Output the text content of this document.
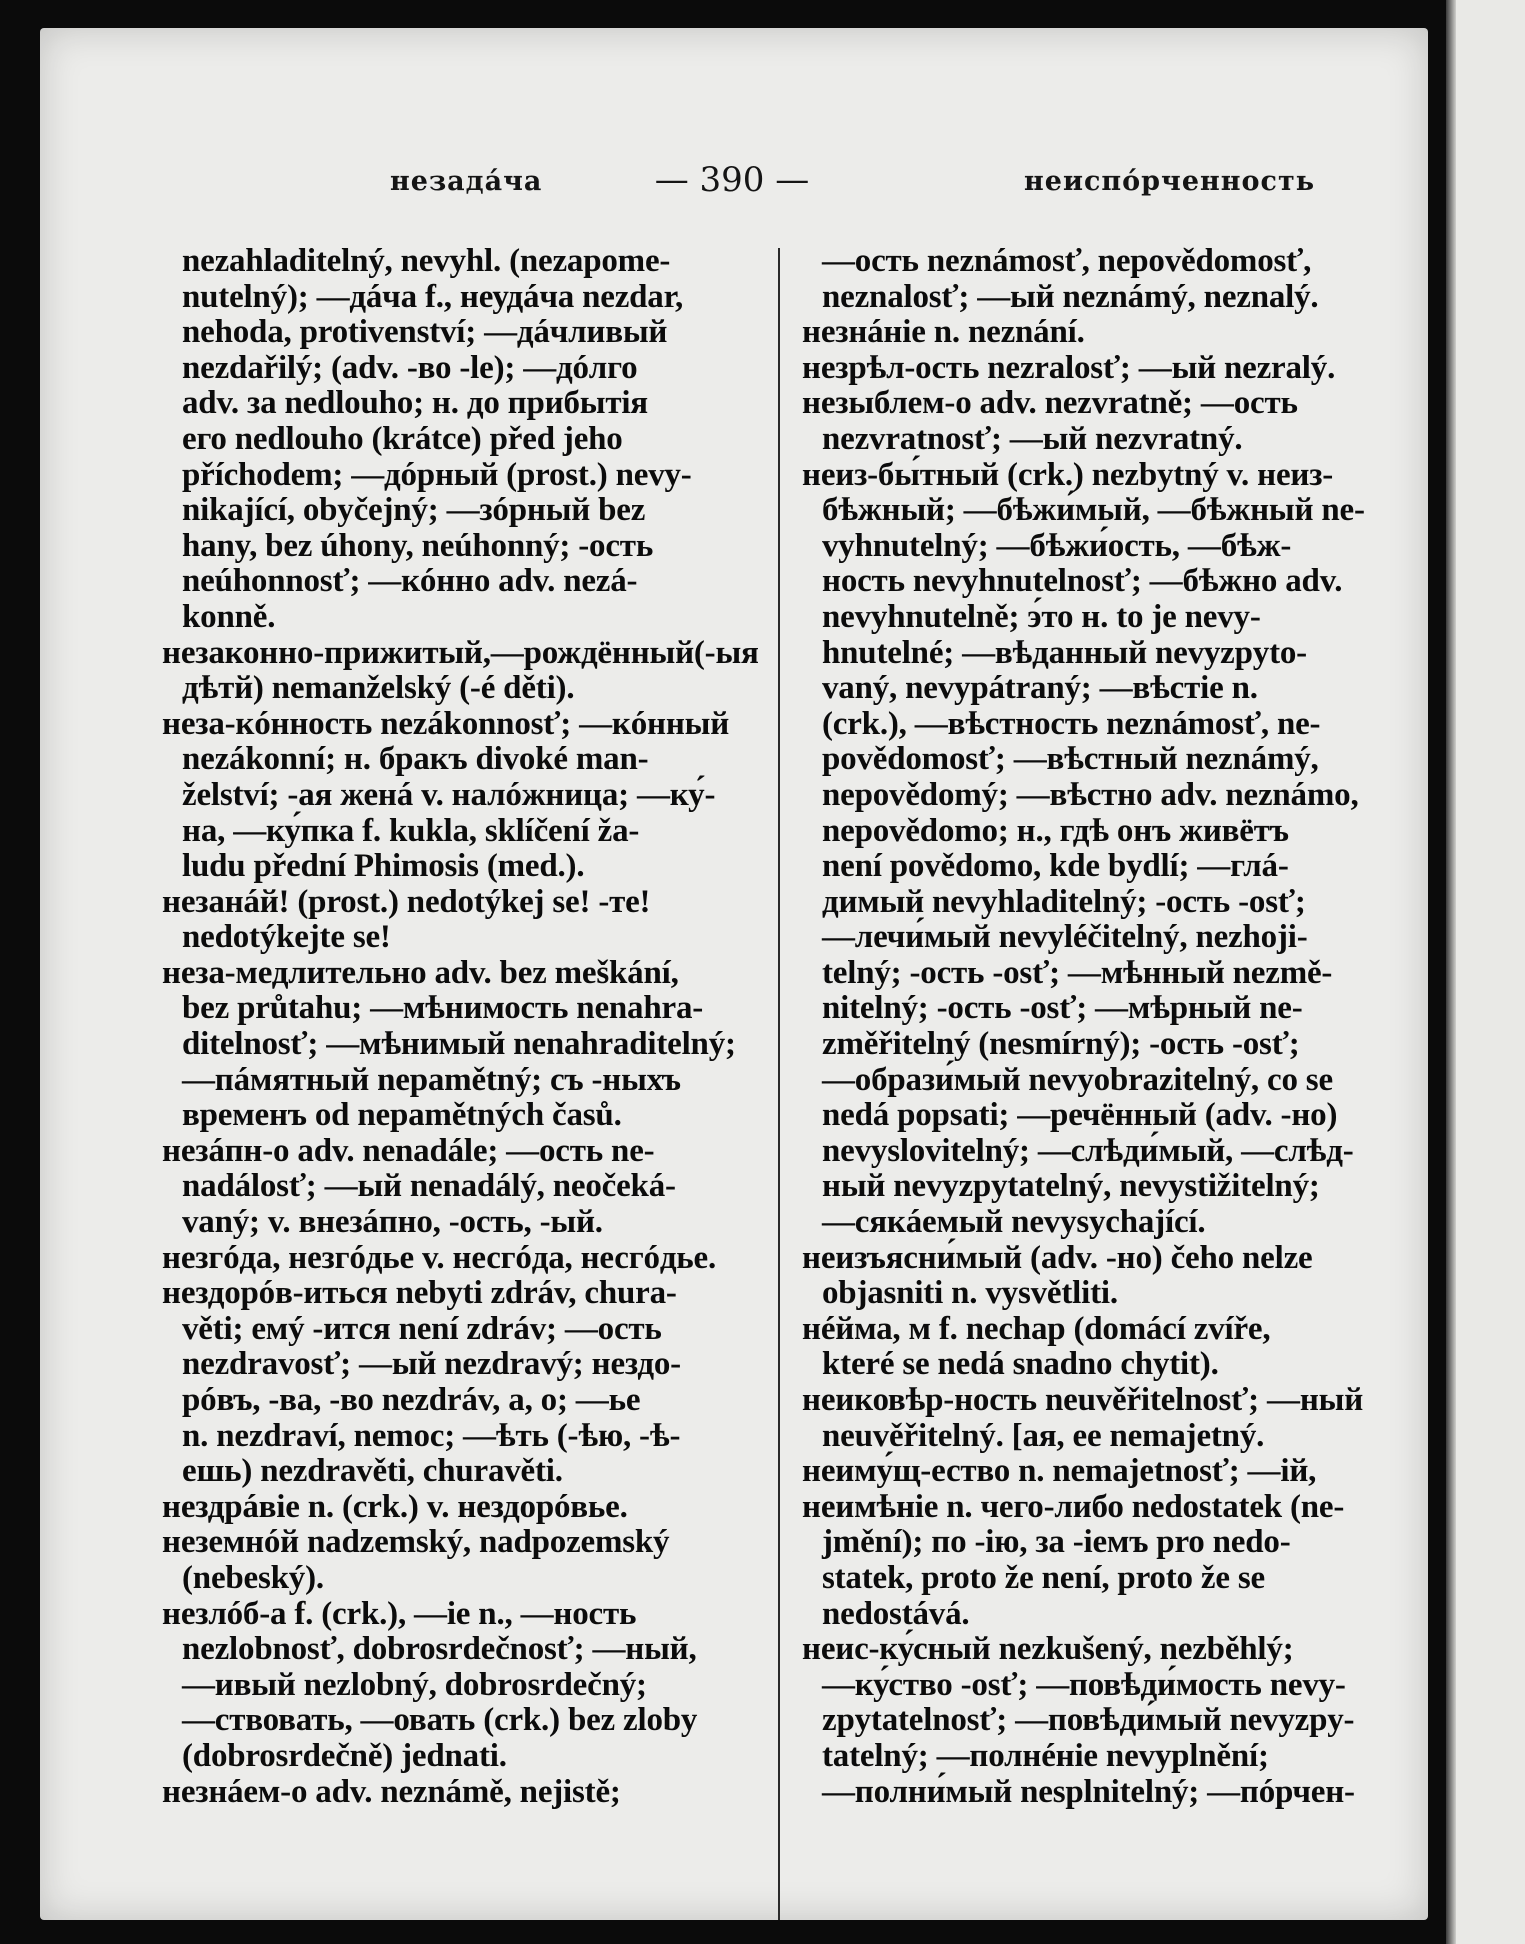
незадáча	— 390 —	неиспóрченность
nezahladitelný, nevyhl. (nezapome-
nutelný); —дáча f., неудáча nezdar,
nehoda, protivenství; —дáчливый
nezdařilý; (adv. -во -le); —дóлго
adv. за nedlouho; н. до прибытія
его nedlouho (krátce) před jeho
příchodem; —дóрный (prost.) nevy-
nikající, obyčejný; —зóрный bez
hany, bez úhony, neúhonný; -ость
neúhonnosť; —кóнно adv. nezá-
konně.
незаконно-прижитый,—рождённый(-ыя
дѣтй) nemanželský (-é děti).
неза-кóнность nezákonnosť; —кóнный
nezákonní; н. бракъ divoké man-
želství; -ая женá v. налóжница; —ку́-
на, —ку́пка f. kukla, sklíčení ža-
ludu přední Phimosis (med.).
незанáй! (prost.) nedotýkej se! -те!
nedotýkejte se!
неза-медлительно adv. bez meškání,
bez průtahu; —мѣнимость nenahra-
ditelnosť; —мѣнимый nenahraditelný;
—пáмятный nepamětný; съ -ныхъ
временъ od nepamětných časů.
незáпн-о adv. nenadále; —ость ne-
nadálosť; —ый nenadálý, neočeká-
vaný; v. внезáпно, -ость, -ый.
незгóда, незгóдье v. несгóда, несгóдье.
нездорóв-иться nebyti zdráv, chura-
věti; емý -ится není zdráv; —ость
nezdravosť; —ый nezdravý; нездо-
рóвъ, -ва, -во nezdráv, a, o; —ье
n. nezdraví, nemoc; —ѣть (-ѣю, -ѣ-
ешь) nezdravěti, churavěti.
нездрáвіе n. (crk.) v. нездорóвье.
неземнóй nadzemský, nadpozemský
(nebeský).
незлóб-а f. (crk.), —іе n., —ность
nezlobnosť, dobrosrdečnosť; —ный,
—ивый nezlobný, dobrosrdečný;
—ствовать, —овать (crk.) bez zloby
(dobrosrdečně) jednati.
незнáем-о adv. neznámě, nejistě;
—ость neznámosť, nepovědomosť,
neznalosť; —ый neznámý, neznalý.
незнáніе n. neznání.
незрѣл-ость nezralosť; —ый nezralý.
незыблем-о adv. nezvratně; —ость
nezvratnosť; —ый nezvratný.
неиз-бы́тный (crk.) nezbytný v. неиз-
бѣжный; —бѣжи́мый, —бѣжный ne-
vyhnutelný; —бѣжи́ость, —бѣж-
ность nevyhnutelnosť; —бѣжно adv.
nevyhnutelně; э́то н. to je nevy-
hnutelné; —вѣданный nevyzpyto-
vaný, nevypátraný; —вѣстіе n.
(crk.), —вѣстность neznámosť, ne-
povědomosť; —вѣстный neznámý,
nepovědomý; —вѣстно adv. neznámo,
nepovědomo; н., гдѣ онъ живётъ
není povědomo, kde bydlí; —глá-
димый nevyhladitelný; -ость -osť;
—лечи́мый nevyléčitelný, nezhoji-
telný; -ость -osť; —мѣнный nezmě-
nitelný; -ость -osť; —мѣрный ne-
změřitelný (nesmírný); -ость -osť;
—образи́мый nevyobrazitelný, co se
nedá popsati; —речённый (adv. -но)
nevyslovitelný; —слѣди́мый, —слѣд-
ный nevyzpytatelný, nevystižitelný;
—сякáемый nevysychající.
неизъясни́мый (adv. -но) čeho nelze
objasniti n. vysvětliti.
нéйма, м f. nechap (domácí zvíře,
které se nedá snadno chytit).
неиковѣр-ность neuvěřitelnosť; —ный
neuvěřitelný. [ая, ее nemajetný.
неиму́щ-ество n. nemajetnosť; —ій,
неимѣніе n. чего-либо nedostatek (ne-
jmění); по -ію, за -іемъ pro nedo-
statek, proto že není, proto že se
nedostává.
неис-ку́сный nezkušený, nezběhlý;
—ку́ство -osť; —повѣди́мость nevy-
zpytatelnosť; —повѣди́мый nevyzpy-
tatelný; —полнéніе nevyplnění;
—полни́мый nesplnitelný; —пóрчен-
